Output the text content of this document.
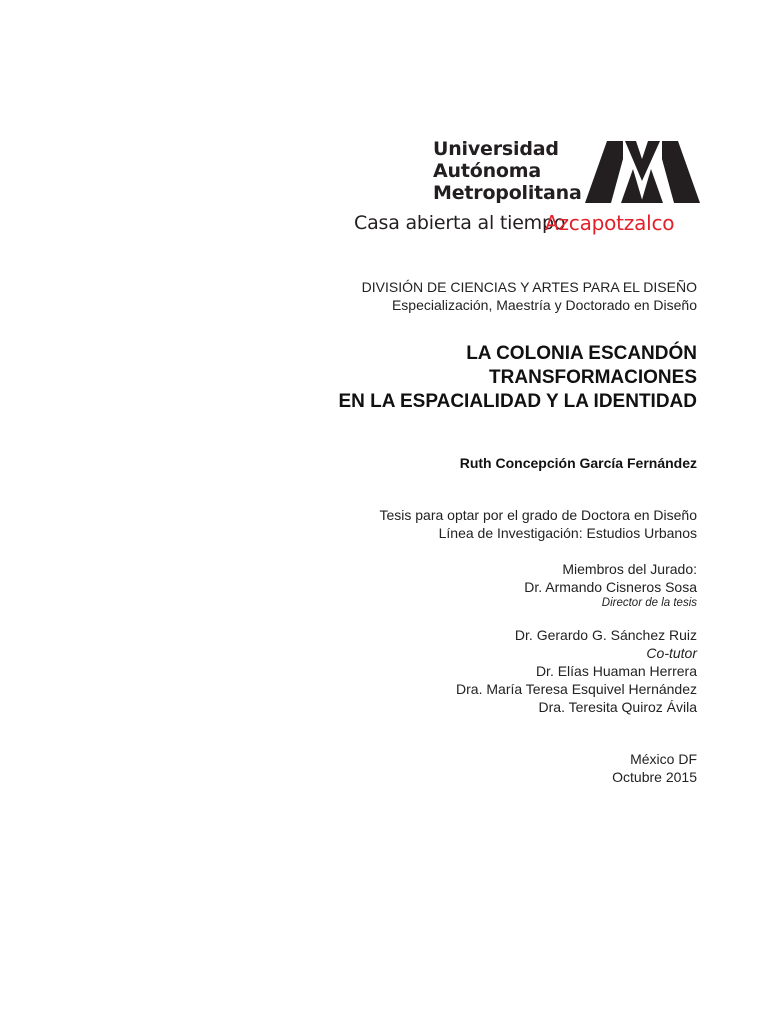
Universidad
Autónoma
Metropolitana
Casa abierta al tiempo
Azcapotzalco
DIVISIÓN DE CIENCIAS Y ARTES PARA EL DISEÑO
Especialización, Maestría y Doctorado en Diseño
LA COLONIA ESCANDÓN
TRANSFORMACIONES
EN LA ESPACIALIDAD Y LA IDENTIDAD
Ruth Concepción García Fernández
Tesis para optar por el grado de Doctora en Diseño
Línea de Investigación: Estudios Urbanos
Miembros del Jurado:
Dr. Armando Cisneros Sosa
Director de la tesis
Dr. Gerardo G. Sánchez Ruiz
Co-tutor
Dr. Elías Huaman Herrera
Dra. María Teresa Esquivel Hernández
Dra. Teresita Quiroz Ávila
México DF
Octubre 2015
